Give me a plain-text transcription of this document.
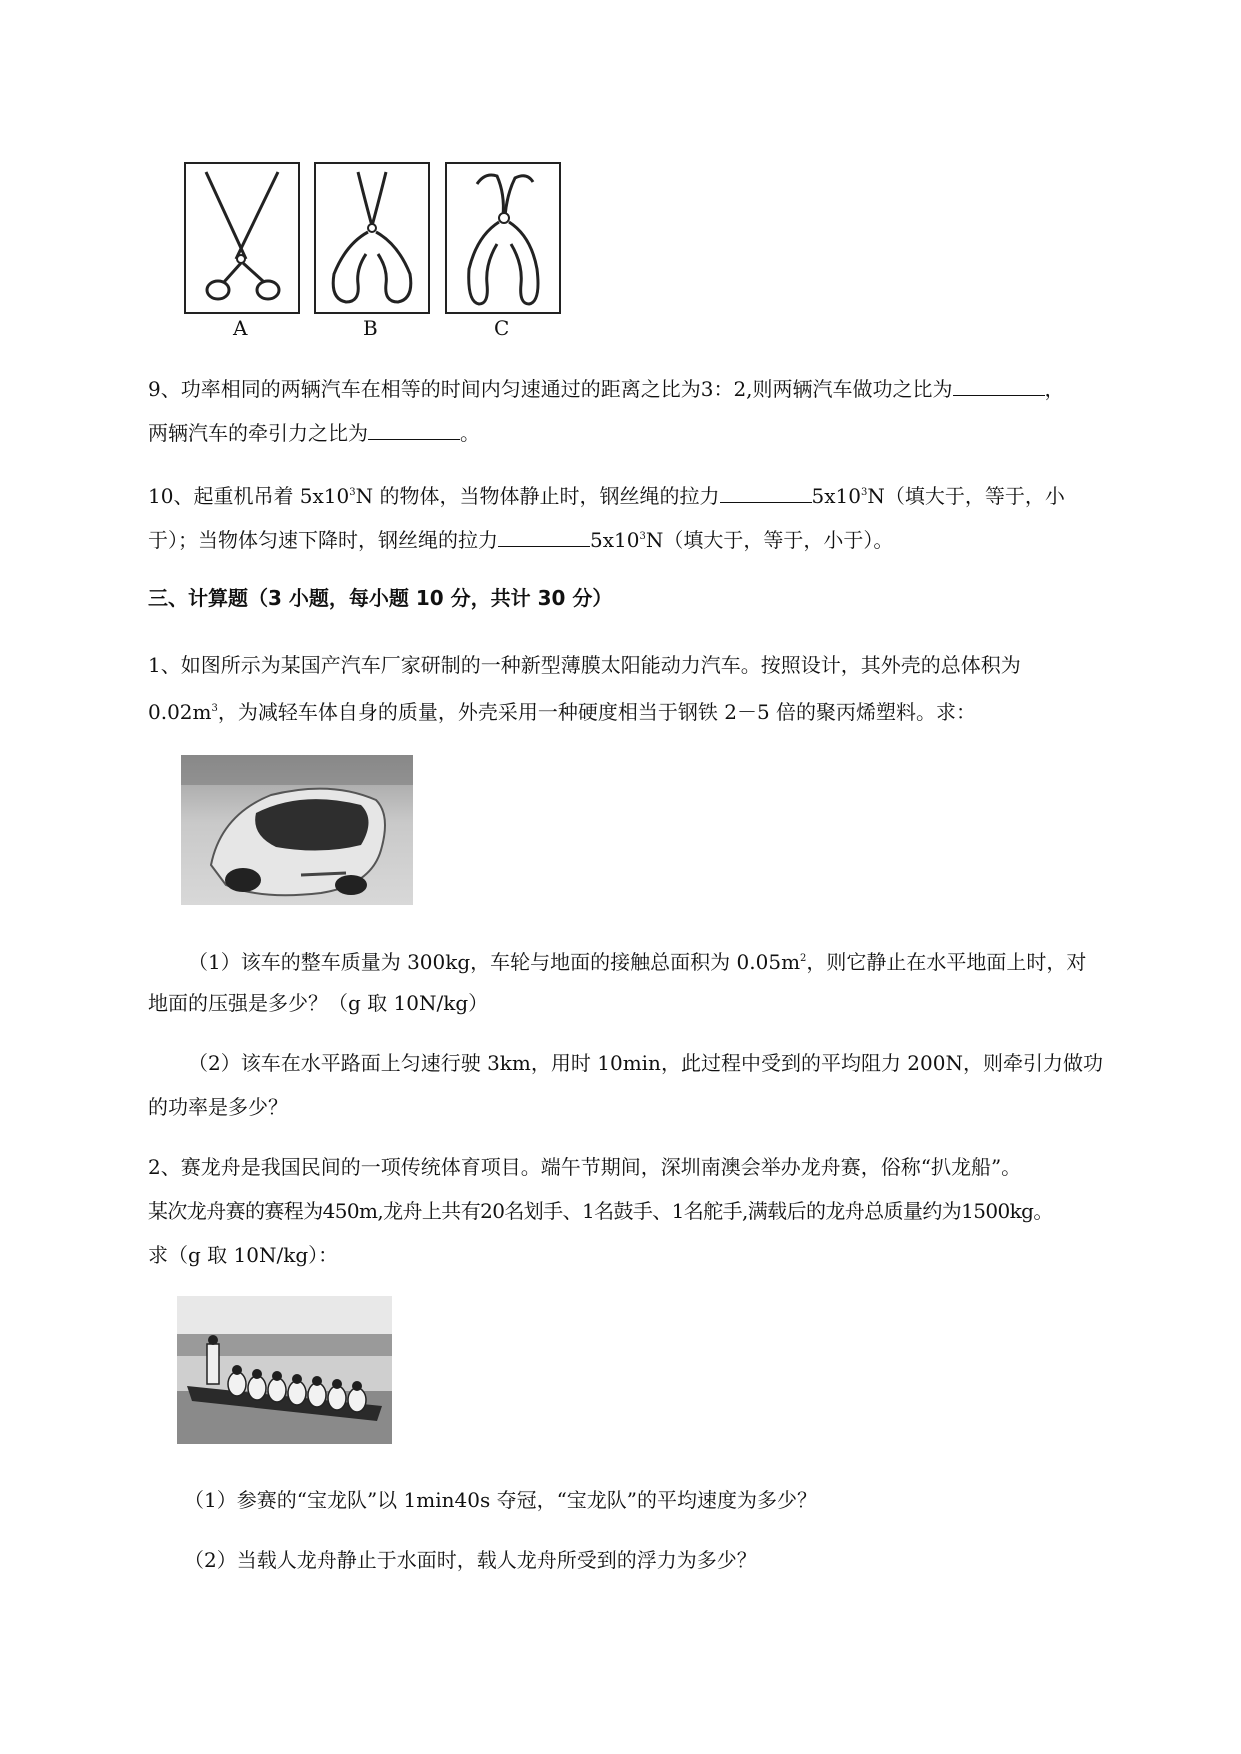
A	B	C
9、功率相同的两辆汽车在相等的时间内匀速通过的距离之比为3：2,则两辆汽车做功之比为	，
两辆汽车的牵引力之比为	。
10、起重机吊着 $5x10^3N$ 的物体，当物体静止时，钢丝绳的拉力	$5x10^3N$（填大于，等于，小
于）；当物体匀速下降时，钢丝绳的拉力	$5x10^3N$（填大于，等于，小于）。
三、计算题（3 小题，每小题 10 分，共计 30 分）
1、如图所示为某国产汽车厂家研制的一种新型薄膜太阳能动力汽车。按照设计，其外壳的总体积为
$0.02m^3$，为减轻车体自身的质量，外壳采用一种硬度相当于钢铁 2－5 倍的聚丙烯塑料。求：
（1）该车的整车质量为 300kg，车轮与地面的接触总面积为 $0.05m^2$，则它静止在水平地面上时，对
地面的压强是多少？（g 取 10N/kg）
（2）该车在水平路面上匀速行驶 3km，用时 10min，此过程中受到的平均阻力 200N，则牵引力做功
的功率是多少？
2、赛龙舟是我国民间的一项传统体育项目。端午节期间，深圳南澳会举办龙舟赛，俗称“扒龙船”。
某次龙舟赛的赛程为450m,龙舟上共有20名划手、1名鼓手、1名舵手,满载后的龙舟总质量约为1500kg。
求（g 取 10N/kg）：
（1）参赛的“宝龙队”以 1min40s 夺冠，“宝龙队”的平均速度为多少？
（2）当载人龙舟静止于水面时，载人龙舟所受到的浮力为多少？
